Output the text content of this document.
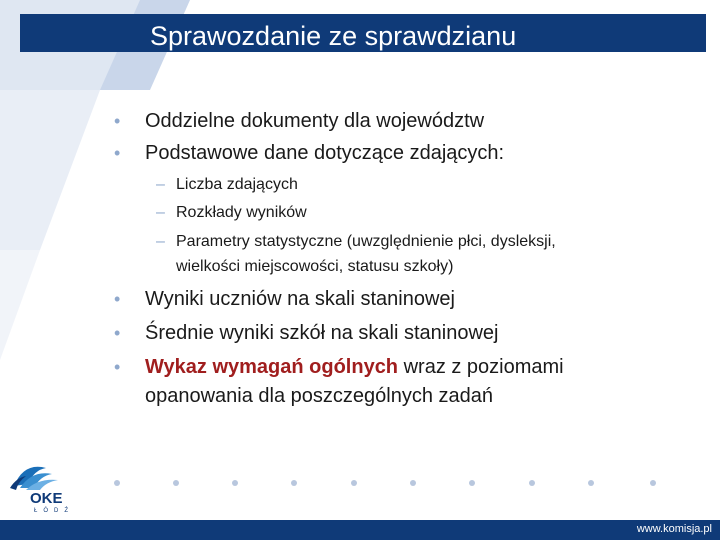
Sprawozdanie ze sprawdzianu
• Oddzielne dokumenty dla województw
• Podstawowe dane dotyczące zdających:
– Liczba zdających
– Rozkłady wyników
– Parametry statystyczne (uwzględnienie płci, dysleksji,
wielkości miejscowości, statusu szkoły)
• Wyniki uczniów na skali staninowej
• Średnie wyniki szkół na skali staninowej
• Wykaz wymagań ogólnych wraz z poziomami
opanowania dla poszczególnych zadań
OKE
ŁÓDŹ
www.komisja.pl
